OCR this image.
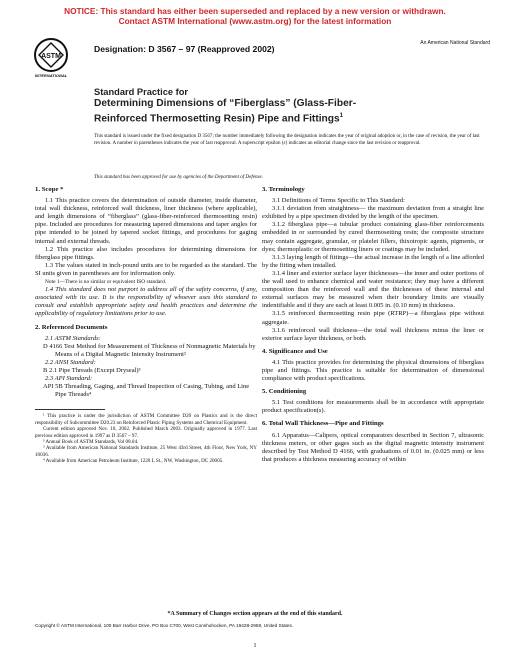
NOTICE: This standard has either been superseded and replaced by a new version or withdrawn.
Contact ASTM International (www.astm.org) for the latest information
ASTM
INTERNATIONAL
Designation: D 3567 – 97 (Reapproved 2002)
An American National Standard
Standard Practice for
Determining Dimensions of “Fiberglass” (Glass-Fiber-
Reinforced Thermosetting Resin) Pipe and Fittings$^1$
This standard is issued under the fixed designation D 3567; the number immediately following the designation indicates the year of original adoption or, in the case of revision, the year of last revision. A number in parentheses indicates the year of last reapproval. A superscript epsilon (ε) indicates an editorial change since the last revision or reapproval.
This standard has been approved for use by agencies of the Department of Defense.
1. Scope *

1.1 This practice covers the determination of outside diameter, inside diameter, total wall thickness, reinforced wall thickness, liner thickness (where applicable), and length dimensions of “fiberglass” (glass-fiber-reinforced thermosetting resin) pipe. Included are procedures for measuring tapered dimensions and taper angles for pipe intended to be joined by tapered socket fittings, and procedures for gaging internal and external threads.

1.2 This practice also includes procedures for determining dimensions for fiberglass pipe fittings.

1.3 The values stated in inch-pound units are to be regarded as the standard. The SI units given in parentheses are for information only.

Note 1—There is no similar or equivalent ISO standard.

1.4 This standard does not purport to address all of the safety concerns, if any, associated with its use. It is the responsibility of whoever uses this standard to consult and establish appropriate safety and health practices and determine the applicability of regulatory limitations prior to use.

2. Referenced Documents

2.1 ASTM Standards:

D 4166 Test Method for Measurement of Thickness of Nonmagnetic Materials by Means of a Digital Magnetic Intensity Instrument²

2.2 ANSI Standard:

B 2.1 Pipe Threads (Except Dryseal)³

2.3 API Standard:

API 5B Threading, Gaging, and Thread Inspection of Casing, Tubing, and Line Pipe Threads⁴

¹ This practice is under the jurisdiction of ASTM Committee D20 on Plastics and is the direct responsibility of Subcommittee D20.23 on Reinforced Plastic Piping Systems and Chemical Equipment.

Current edition approved Nov. 10, 2002. Published March 2003. Originally approved in 1977. Last previous edition approved in 1997 as D 3567 – 97.

² Annual Book of ASTM Standards, Vol 08.04.

³ Available from American National Standards Institute, 25 West 43rd Street, 4th Floor, New York, NY 10036.

⁴ Available from American Petroleum Institute, 1220 L St., NW, Washington, DC 20005.

3. Terminology

3.1 Definitions of Terms Specific to This Standard:

3.1.1 deviation from straightness— the maximum deviation from a straight line exhibited by a pipe specimen divided by the length of the specimen.

3.1.2 fiberglass pipe—a tubular product containing glass-fiber reinforcements embedded in or surrounded by cured thermosetting resin; the composite structure may contain aggregate, granular, or platelet fillers, thixotropic agents, pigments, or dyes; thermoplastic or thermosetting liners or coatings may be included.

3.1.3 laying length of fittings—the actual increase in the length of a line afforded by the fitting when installed.

3.1.4 liner and exterior surface layer thicknesses—the inner and outer portions of the wall used to enhance chemical and water resistance; they may have a different composition than the reinforced wall and the thicknesses of these internal and external surfaces may be measured when their boundary limits are visually indentifiable and if they are each at least 0.005 in. (0.10 mm) in thickness.

3.1.5 reinforced thermosetting resin pipe (RTRP)—a fiberglass pipe without aggregate.

3.1.6 reinforced wall thickness—the total wall thickness minus the liner or exterior surface layer thickness, or both.

4. Significance and Use

4.1 This practice provides for determining the physical dimensions of fiberglass pipe and fittings. This practice is suitable for determination of dimensional compliance with product specifications.

5. Conditioning

5.1 Test conditions for measurements shall be in accordance with appropriate product specification(s).

6. Total Wall Thickness—Pipe and Fittings

6.1 Apparatus—Calipers, optical comparators described in Section 7, ultrasonic thickness meters, or other gages such as the digital magnetic intensity instrument described by Test Method D 4166, with graduations of 0.01 in. (0.025 mm) or less that produces a thickness measuring accuracy of within

*A Summary of Changes section appears at the end of this standard.
Copyright © ASTM International, 100 Barr Harbor Drive, PO Box C700, West Conshohocken, PA 19428-2959, United States.
1
